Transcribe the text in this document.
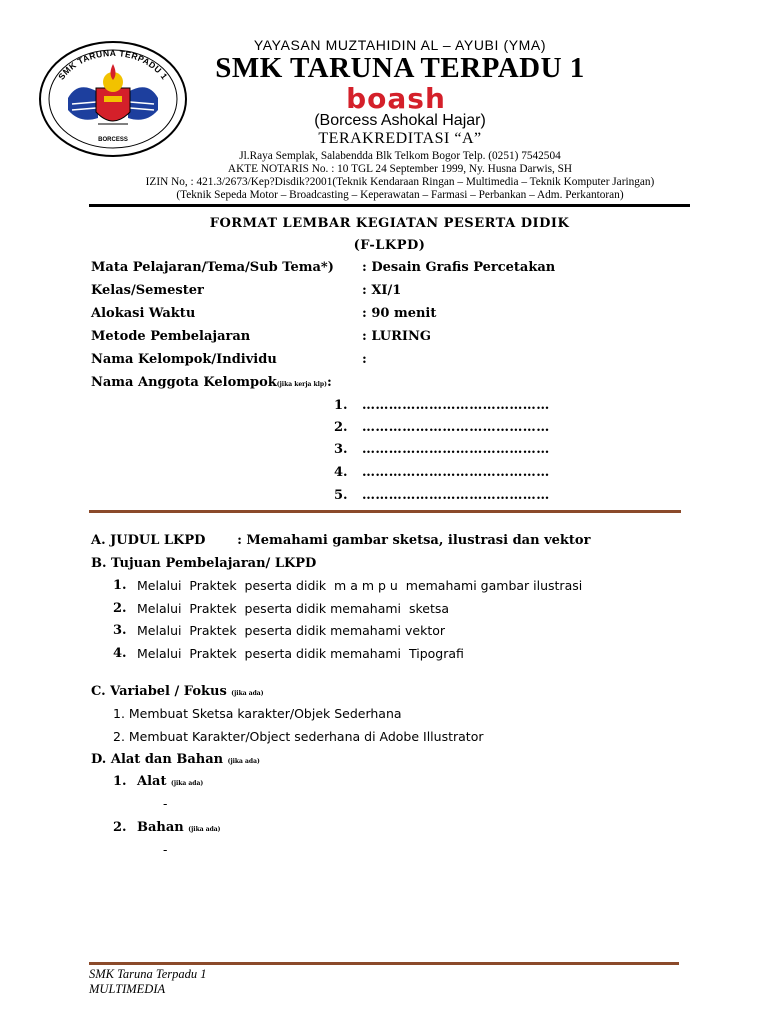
SMK TARUNA TERPADU 1
BORCESS
YAYASAN MUZTAHIDIN AL – AYUBI (YMA)
SMK TARUNA TERPADU 1
boash
(Borcess Ashokal Hajar)
TERAKREDITASI “A”
Jl.Raya Semplak, Salabendda Blk Telkom Bogor Telp. (0251) 7542504
AKTE NOTARIS No. : 10 TGL 24 September 1999, Ny. Husna Darwis, SH
IZIN No, : 421.3/2673/Kep?Disdik?2001(Teknik Kendaraan Ringan – Multimedia – Teknik Komputer Jaringan)
(Teknik Sepeda Motor – Broadcasting – Keperawatan – Farmasi – Perbankan – Adm. Perkantoran)
FORMAT LEMBAR KEGIATAN PESERTA DIDIK
(F-LKPD)
Mata Pelajaran/Tema/Sub Tema*) : Desain Grafis Percetakan
Kelas/Semester	: XI/1
Alokasi Waktu	: 90 menit
Metode Pembelajaran	: LURING
Nama Kelompok/Individu	:
Nama Anggota Kelompok(jika kerja klp):
1. ……………………………………
2. ……………………………………
3. ……………………………………
4. ……………………………………
5. ……………………………………
A. JUDUL LKPD       : Memahami gambar sketsa, ilustrasi dan vektor
B. Tujuan Pembelajaran/ LKPD
1. Melalui  Praktek  peserta didik  m a m p u  memahami gambar ilustrasi
2. Melalui  Praktek  peserta didik memahami  sketsa
3. Melalui  Praktek  peserta didik memahami vektor
4. Melalui  Praktek  peserta didik memahami  Tipografi
C. Variabel / Fokus (jika ada)
1. Membuat Sketsa karakter/Objek Sederhana
2. Membuat Karakter/Object sederhana di Adobe Illustrator
D. Alat dan Bahan (jika ada)
1. Alat (jika ada)
-
2. Bahan (jika ada)
-
SMK Taruna Terpadu 1
MULTIMEDIA
